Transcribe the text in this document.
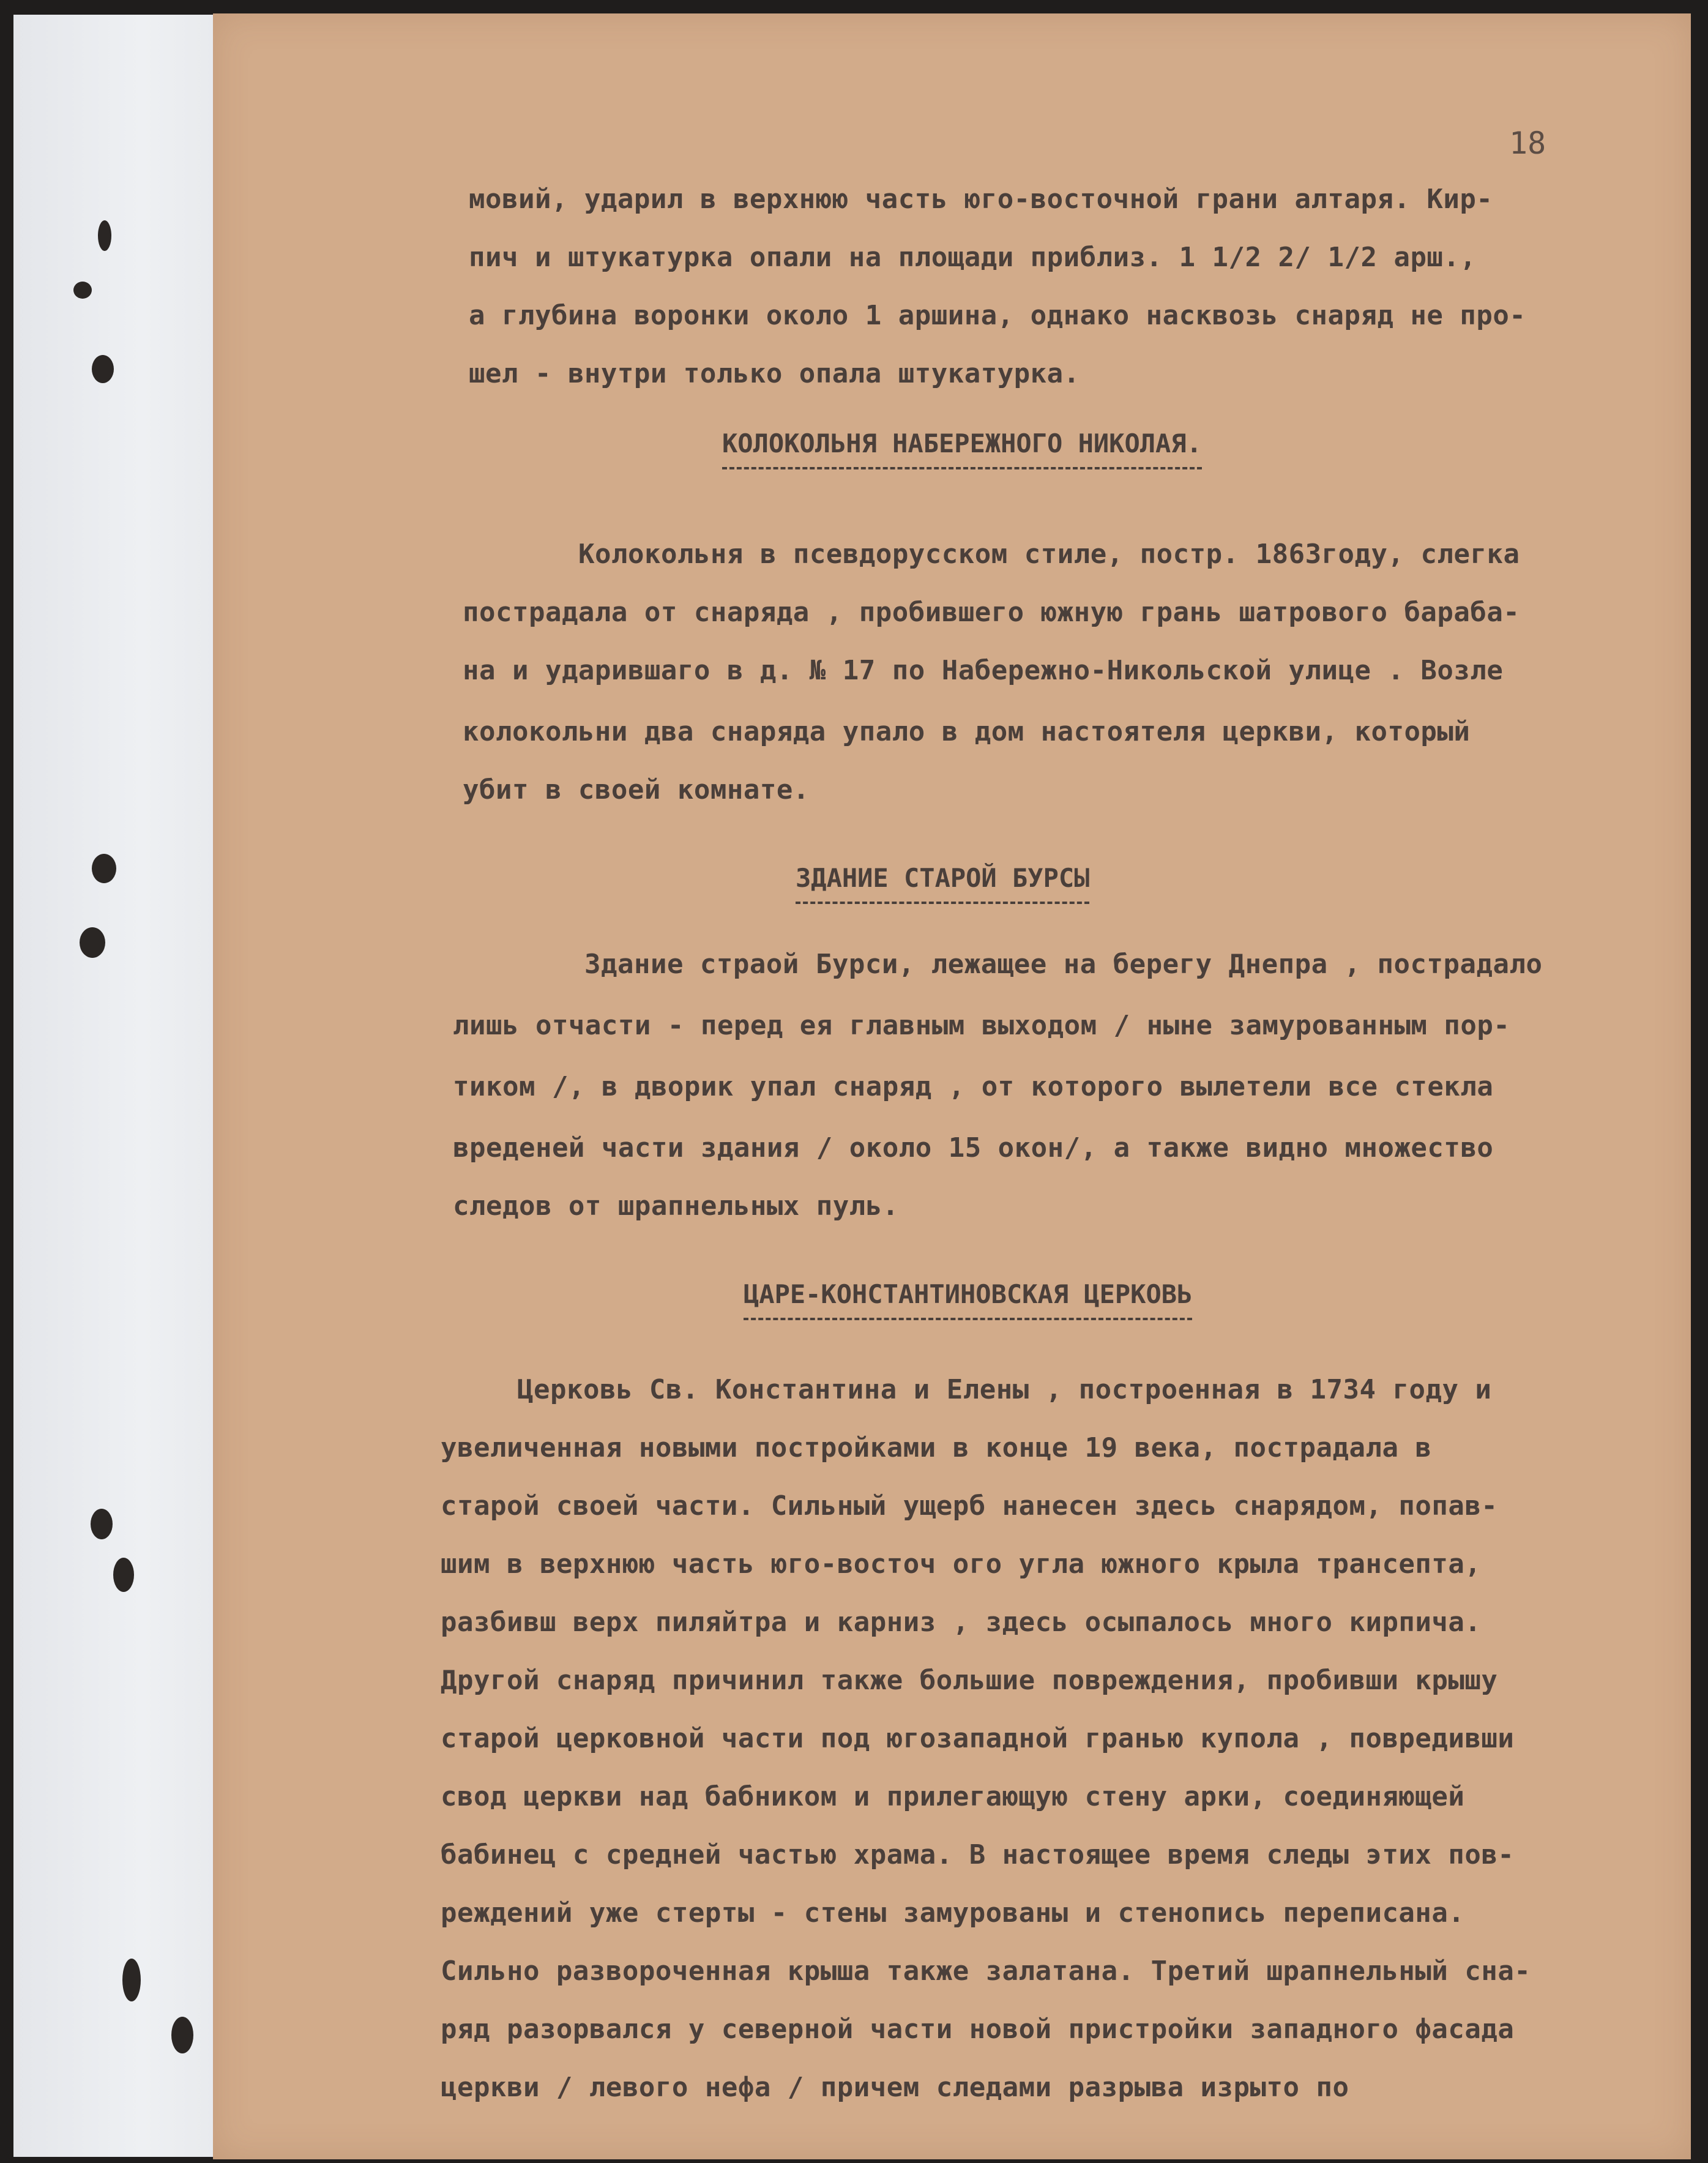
18
мовий, ударил в верхнюю часть юго-восточной грани алтаря. Кир-
пич и штукатурка опали на площади приблиз. 1 1/2 2/ 1/2 арш.,
а глубина воронки около 1 аршина, однако насквозь снаряд не про-
шел - внутри только опала штукатурка.
КОЛОКОЛЬНЯ НАБЕРЕЖНОГО НИКОЛАЯ.
Колокольня в псевдорусском стиле, постр. 1863году, слегка
пострадала от снаряда , пробившего южную грань шатрового бараба-
на и ударившаго в д. № 17 по Набережно-Никольской улице . Возле
колокольни два снаряда упало в дом настоятеля церкви, который
убит в своей комнате.
ЗДАНИЕ СТАРОЙ БУРСЫ
Здание страой Бурси, лежащее на берегу Днепра , пострадало
лишь отчасти - перед ея главным выходом / ныне замурованным пор-
тиком /, в дворик упал снаряд , от которого вылетели все стекла
вреденей части здания / около 15 окон/, а также видно множество
следов от шрапнельных пуль.
ЦАРЕ-КОНСТАНТИНОВСКАЯ ЦЕРКОВЬ
Церковь Св. Константина и Елены , построенная в 1734 году и
увеличенная новыми постройками в конце 19 века, пострадала в
старой своей части. Сильный ущерб нанесен здесь снарядом, попав-
шим в верхнюю часть юго-восточ ого угла южного крыла трансепта,
разбивш верх пиляйтра и карниз , здесь осыпалось много кирпича.
Другой снаряд причинил также большие повреждения, пробивши крышу
старой церковной части под югозападной гранью купола , повредивши
свод церкви над бабником и прилегающую стену арки, соединяющей
бабинец с средней частью храма. В настоящее время следы этих пов-
реждений уже стерты - стены замурованы и стенопись переписана.
Сильно развороченная крыша также залатана. Третий шрапнельный сна-
ряд разорвался у северной части новой пристройки западного фасада
церкви / левого нефа / причем следами разрыва изрыто по
